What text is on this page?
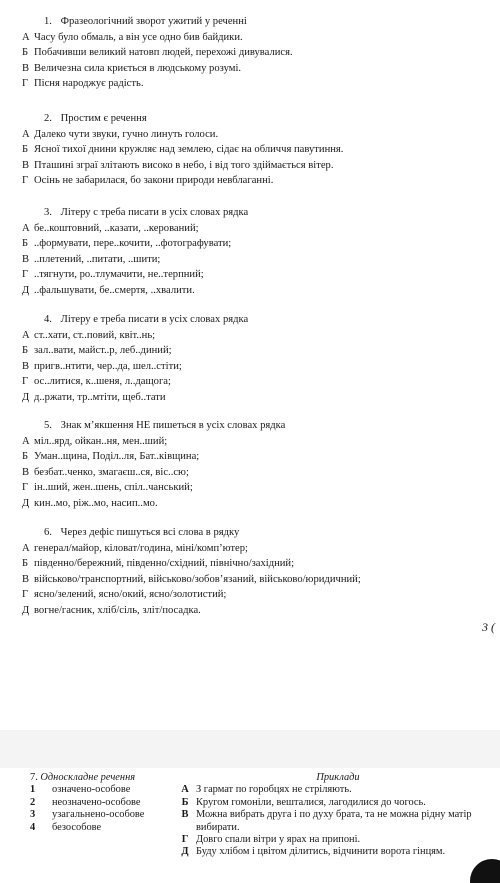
1. Фразеологічний зворот ужитий у реченні
А Часу було обмаль, а він усе одно бив байдики.
Б Побачивши великий натовп людей, перехожі дивувалися.
В Величезна сила криється в людському розумі.
Г Пісня народжує радість.
2. Простим є речення
А Далеко чути звуки, гучно линуть голоси.
Б Ясної тихої днини кружляє над землею, сідає на обличчя павутиння.
В Пташині зграї злітають високо в небо, і від того здіймається вітер.
Г Осінь не забарилася, бо закони природи невблаганні.
3. Літеру с треба писати в усіх словах рядка
А бе..коштовний, ..казати, ..керований;
Б ..формувати, пере..кочити, ..фотографувати;
В ..плетений, ..питати, ..шити;
Г ..тягнути, ро..тлумачити, не..терпний;
Д ..фальшувати, бе..смертя, ..хвалити.
4. Літеру е треба писати в усіх словах рядка
А ст..хати, ст..повий, квіт..нь;
Б зал..вати, майст..р, леб..диний;
В пригв..нтити, чер..да, шел..стіти;
Г ос..литися, к..шеня, л..дащога;
Д д..ржати, тр..мтіти, щеб..тати
5. Знак м’якшення НЕ пишеться в усіх словах рядка
А міл..ярд, ойкан..ня, мен..ший;
Б Уман..щина, Поділ..ля, Бат..ківщина;
В безбат..ченко, змагаєш..ся, віс..сю;
Г ін..ший, жен..шень, спіл..чанський;
Д кин..мо, ріж..мо, насип..мо.
6. Через дефіс пишуться всі слова в рядку
А генерал/майор, кіловат/година, міні/комп’ютер;
Б південно/бережний, південно/східний, північно/західний;
В військово/транспортний, військово/зобов’язаний, військово/юридичний;
Г ясно/зелений, ясно/окий, ясно/золотистий;
Д вогне/гасник, хліб/сіль, зліт/посадка.
3 (
7. Односкладне речення
1 означено-особове
2 неозначено-особове
3 узагальнено-особове
4 безособове
Приклади
А З гармат по горобцях не стріляють.
Б Кругом гомоніли, вешталися, лагодилися до чогось.
В Можна вибрать друга і по духу брата, та не можна рідну матір вибирати.
Г Довго спали вітри у ярах на припоні.
Д Буду хлібом і цвітом ділитись, відчинити ворота гінцям.
